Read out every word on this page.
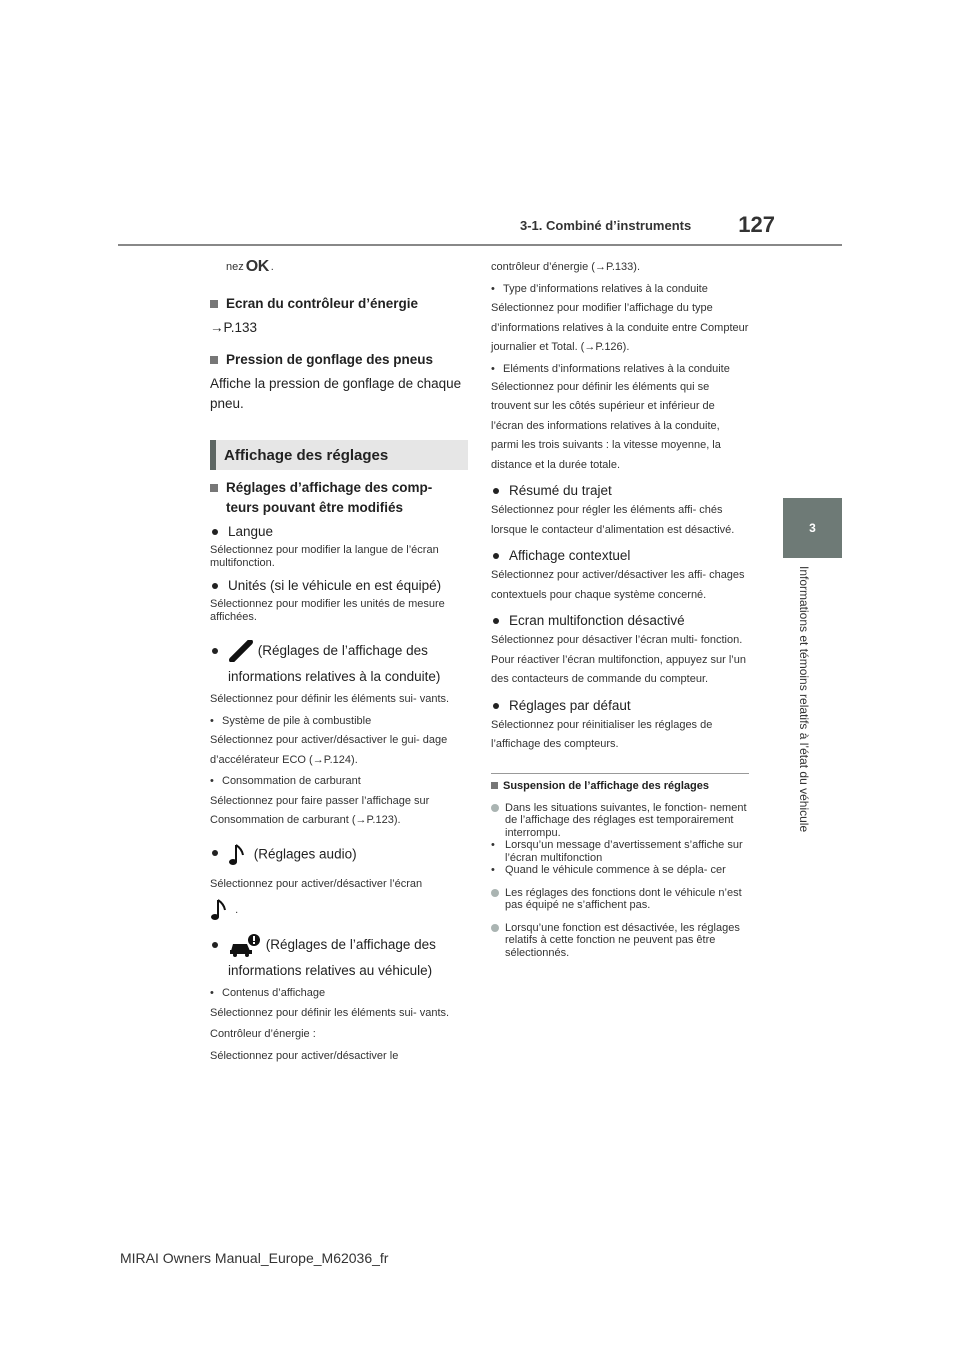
3-1. Combiné d’instruments 127
3
Informations et témoins relatifs à l’état du véhicule

nez OK .

Ecran du contrôleur d’énergie

→P.133

Pression de gonflage des pneus

Affiche la pression de gonflage de chaque pneu.

Affichage des réglages

Réglages d’affichage des comp- teurs pouvant être modifiés

Langue

Sélectionnez pour modifier la langue de l’écran multifonction.

Unités (si le véhicule en est équipé)

Sélectionnez pour modifier les unités de mesure affichées.

(Réglages de l’affichage des informations relatives à la conduite)

Sélectionnez pour définir les éléments sui- vants.

• Système de pile à combustible

Sélectionnez pour activer/désactiver le gui- dage d’accélérateur ECO (→P.124).

• Consommation de carburant

Sélectionnez pour faire passer l’affichage sur Consommation de carburant (→P.123).

(Réglages audio)

Sélectionnez pour activer/désactiver l’écran

.

(Réglages de l’affichage des informations relatives au véhicule)

• Contenus d’affichage

Sélectionnez pour définir les éléments sui- vants.

Contrôleur d’énergie :

Sélectionnez pour activer/désactiver le

contrôleur d’énergie (→P.133).

• Type d’informations relatives à la conduite

Sélectionnez pour modifier l’affichage du type d’informations relatives à la conduite entre Compteur journalier et Total. (→P.126).

• Eléments d’informations relatives à la conduite

Sélectionnez pour définir les éléments qui se trouvent sur les côtés supérieur et inférieur de l’écran des informations relatives à la conduite, parmi les trois suivants : la vitesse moyenne, la distance et la durée totale.

Résumé du trajet

Sélectionnez pour régler les éléments affi- chés lorsque le contacteur d’alimentation est désactivé.

Affichage contextuel

Sélectionnez pour activer/désactiver les affi- chages contextuels pour chaque système concerné.

Ecran multifonction désactivé

Sélectionnez pour désactiver l’écran multi- fonction.

Pour réactiver l’écran multifonction, appuyez sur l’un des contacteurs de commande du compteur.

Réglages par défaut

Sélectionnez pour réinitialiser les réglages de l’affichage des compteurs.

Suspension de l’affichage des réglages

Dans les situations suivantes, le fonction- nement de l’affichage des réglages est temporairement interrompu.
• Lorsqu’un message d’avertissement s’affiche sur l’écran multifonction
• Quand le véhicule commence à se dépla- cer
Les réglages des fonctions dont le véhicule n’est pas équipé ne s’affichent pas.
Lorsqu’une fonction est désactivée, les réglages relatifs à cette fonction ne peuvent pas être sélectionnés.
MIRAI Owners Manual_Europe_M62036_fr
